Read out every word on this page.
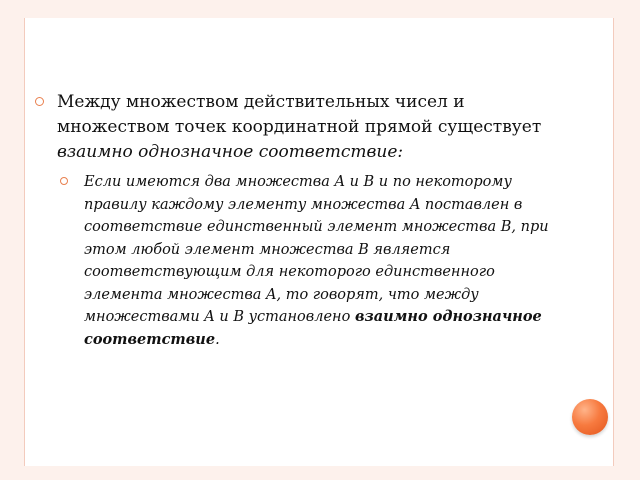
Между множеством действительных чисел и множеством точек координатной прямой существует взаимно однозначное соответствие:
Если имеются два множества A и B и по некоторому правилу каждому элементу множества A поставлен в соответствие единственный элемент множества B, при этом любой элемент множества B является соответствующим для некоторого единственного элемента множества A, то говорят, что между множествами A и B установлено взаимно однозначное соответствие.
